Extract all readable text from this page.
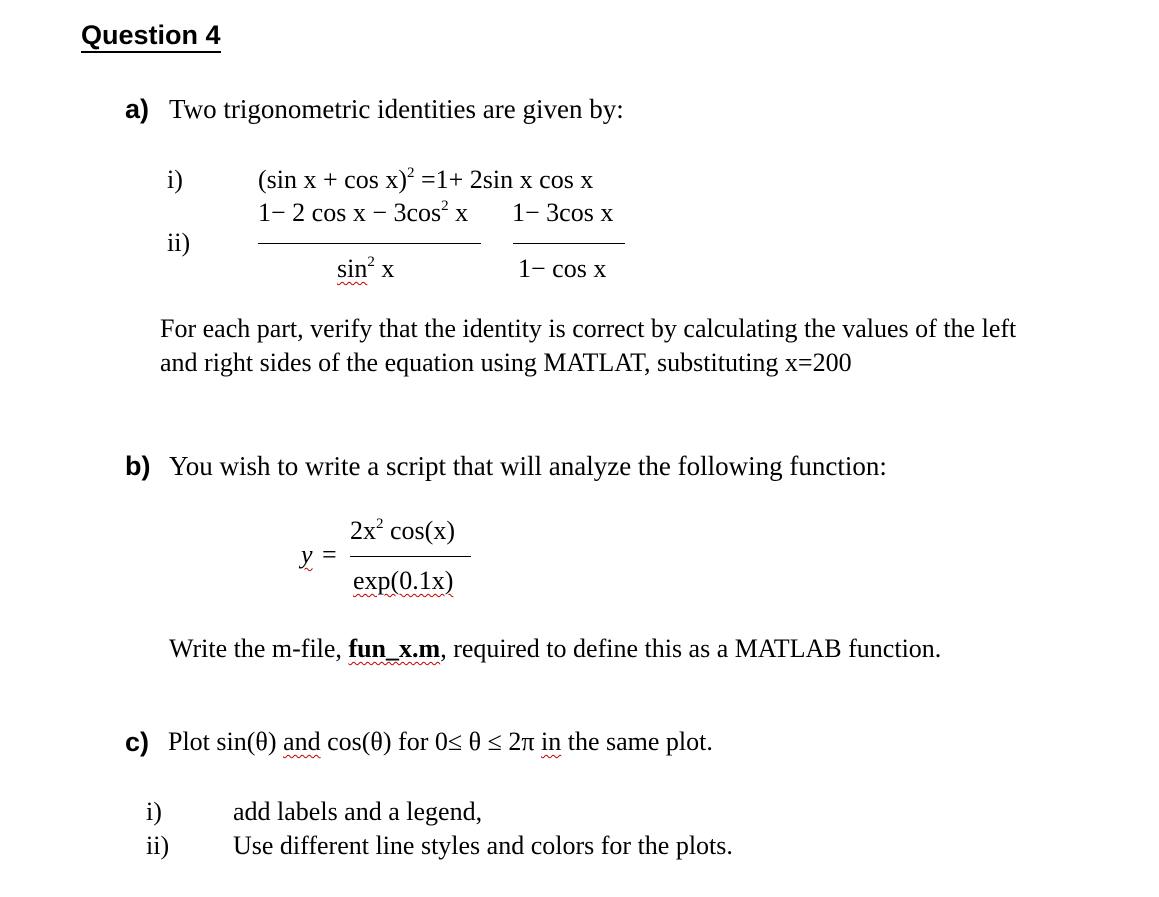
Question 4
a) Two trigonometric identities are given by:
i)	(sin x + cos x)$^2$ =1+ 2sin x cos x
ii)
1− 2 $\cos x - 3\cos^2$ x
$\sin^2 x$
1− 3cos x
1− cos x
For each part, verify that the identity is correct by calculating the values of the left
and right sides of the equation using MATLAT, substituting x=200
b) You wish to write a script that will analyze the following function:
y =
$2x^2$ cos(x)
exp(0.1x)
Write the m-file, fun_x.m, required to define this as a MATLAB function.
c) Plot sin(θ) and cos(θ) for 0≤ θ ≤ 2π in the same plot.
i)	add labels and a legend,
ii) Use different line styles and colors for the plots.
